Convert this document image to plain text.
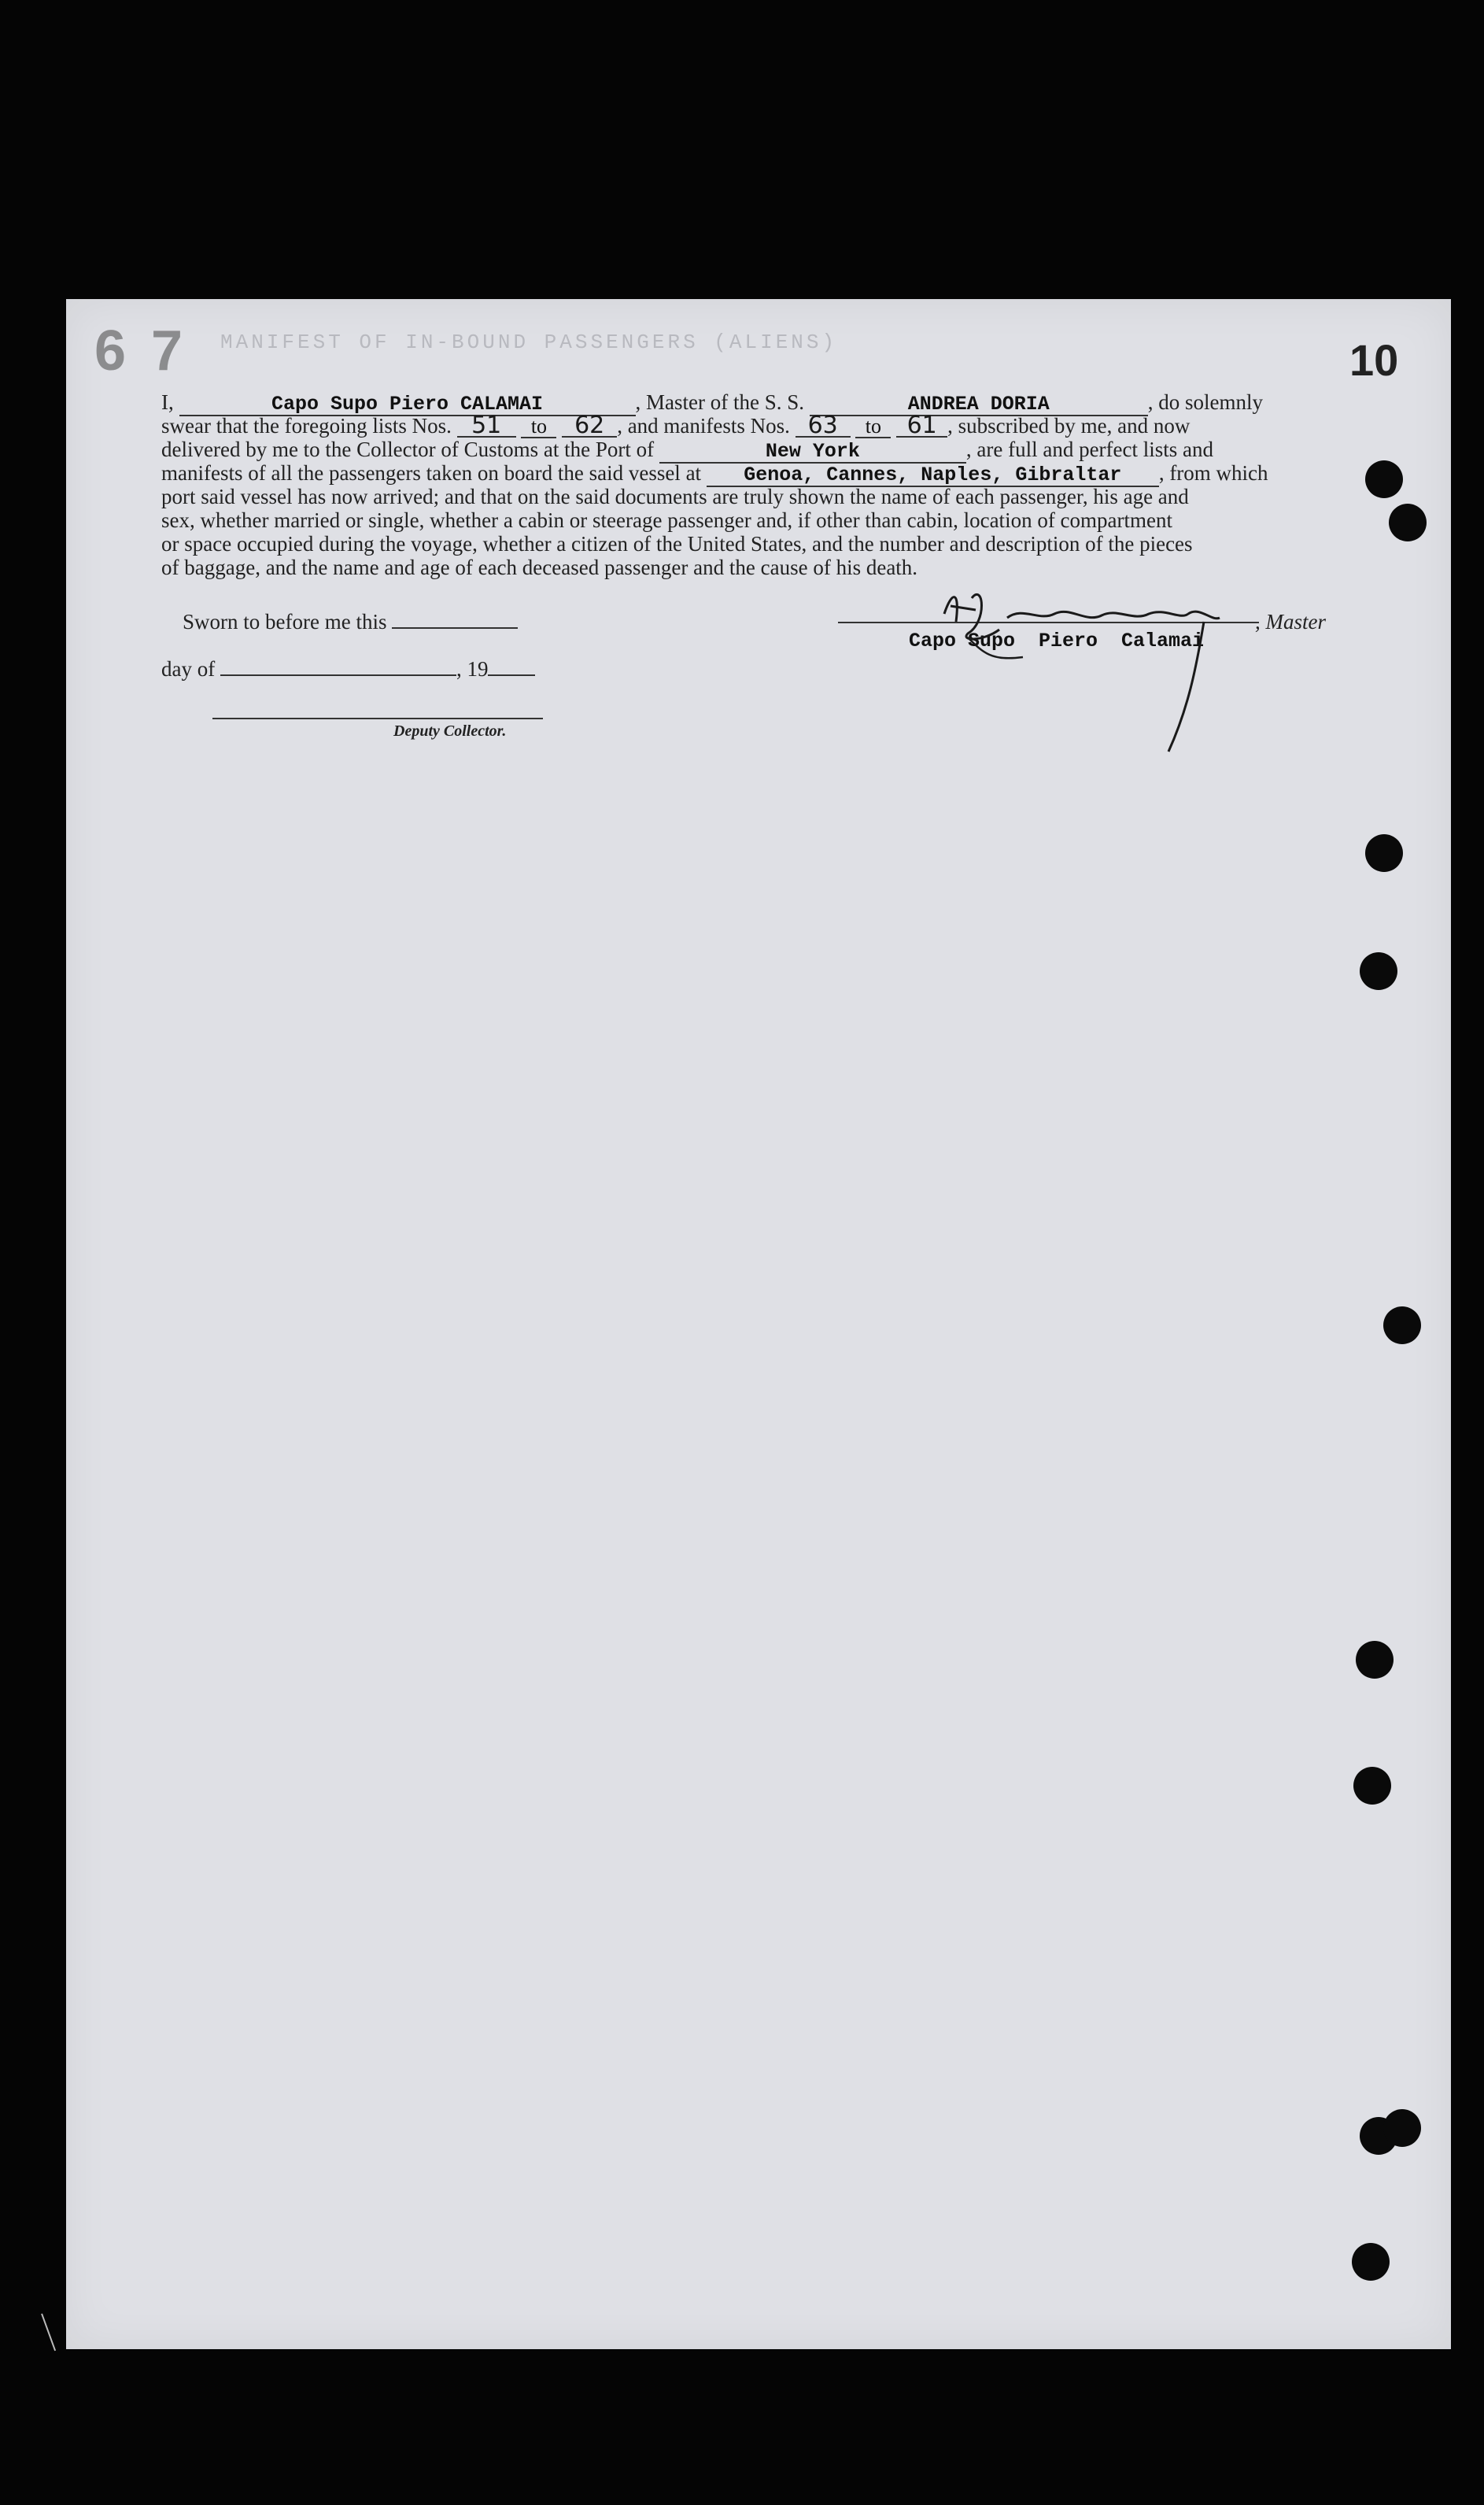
6 7	10
MANIFEST OF IN-BOUND PASSENGERS (ALIENS)
I,	Capo Supo Piero CALAMAI	, Master of the S. S.	ANDREA DORIA	, do solemnly
swear that the foregoing lists Nos. 51 to 62 , and manifests Nos. 63 to 61 , subscribed by me, and now
delivered by me to the Collector of Customs at the Port of	New York	, are full and perfect lists and
manifests of all the passengers taken on board the said vessel at Genoa, Cannes, Naples, Gibraltar , from which
port said vessel has now arrived; and that on the said documents are truly shown the name of each passenger, his age and
sex, whether married or single, whether a cabin or steerage passenger and, if other than cabin, location of compartment
or space occupied during the voyage, whether a citizen of the United States, and the number and description of the pieces
of baggage, and the name and age of each deceased passenger and the cause of his death.
Sworn to before me this
day of	, 19
Deputy Collector.
, Master
Capo Supo  Piero  Calamai
